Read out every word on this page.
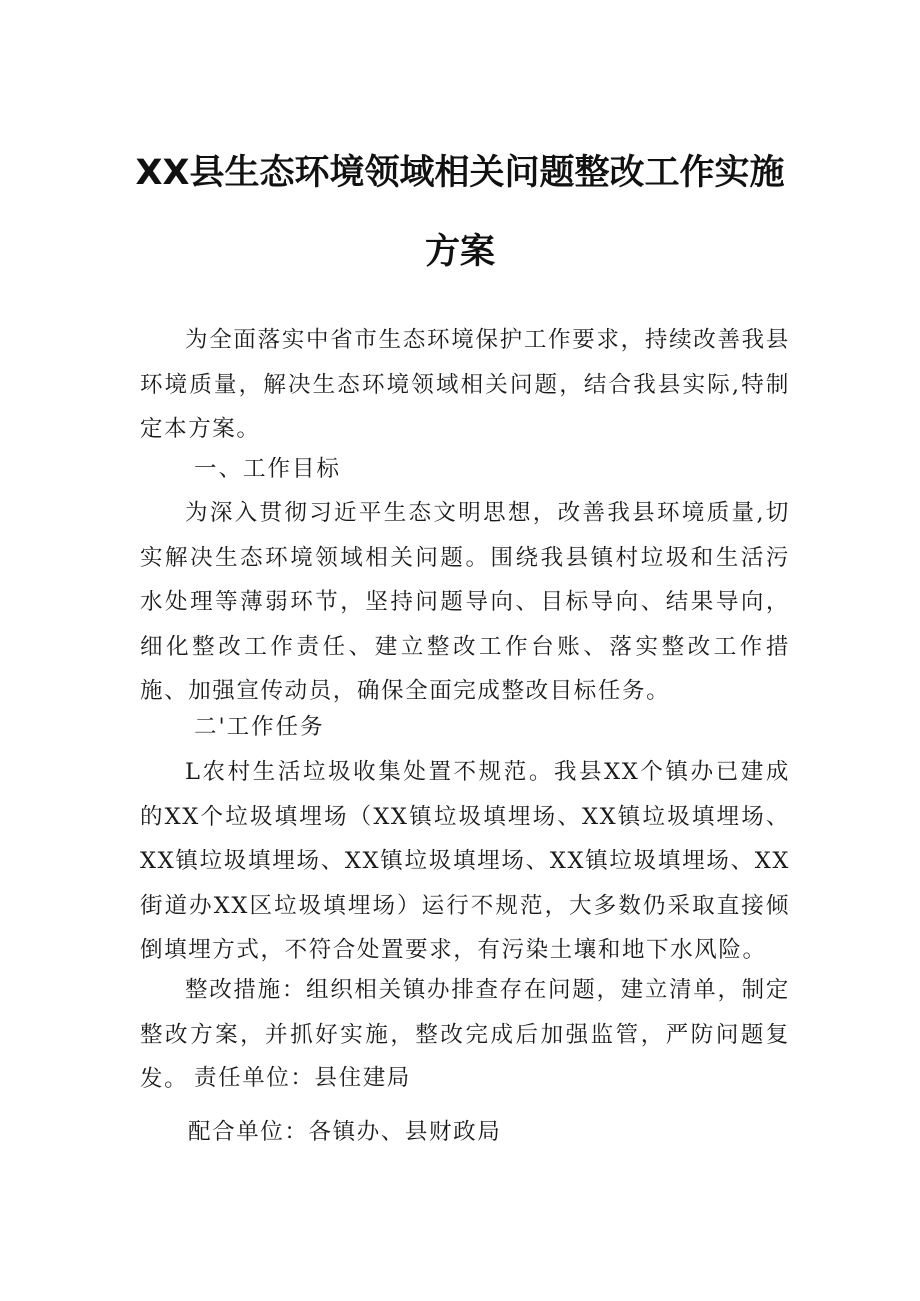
XX县生态环境领域相关问题整改工作实施
方案

为全面落实中省市生态环境保护工作要求，持续改善我县环境质量，解决生态环境领域相关问题，结合我县实际,特制定本方案。

一、工作目标

为深入贯彻习近平生态文明思想，改善我县环境质量,切实解决生态环境领域相关问题。围绕我县镇村垃圾和生活污水处理等薄弱环节，坚持问题导向、目标导向、结果导向，细化整改工作责任、建立整改工作台账、落实整改工作措施、加强宣传动员，确保全面完成整改目标任务。

二'工作任务

L农村生活垃圾收集处置不规范。我县XX个镇办已建成的XX个垃圾填埋场（XX镇垃圾填埋场、XX镇垃圾填埋场、XX镇垃圾填埋场、XX镇垃圾填埋场、XX镇垃圾填埋场、XX街道办XX区垃圾填埋场）运行不规范，大多数仍采取直接倾倒填埋方式，不符合处置要求，有污染土壤和地下水风险。

整改措施：组织相关镇办排查存在问题，建立清单，制定整改方案，并抓好实施，整改完成后加强监管，严防问题复发。 责任单位：县住建局

配合单位：各镇办、县财政局
